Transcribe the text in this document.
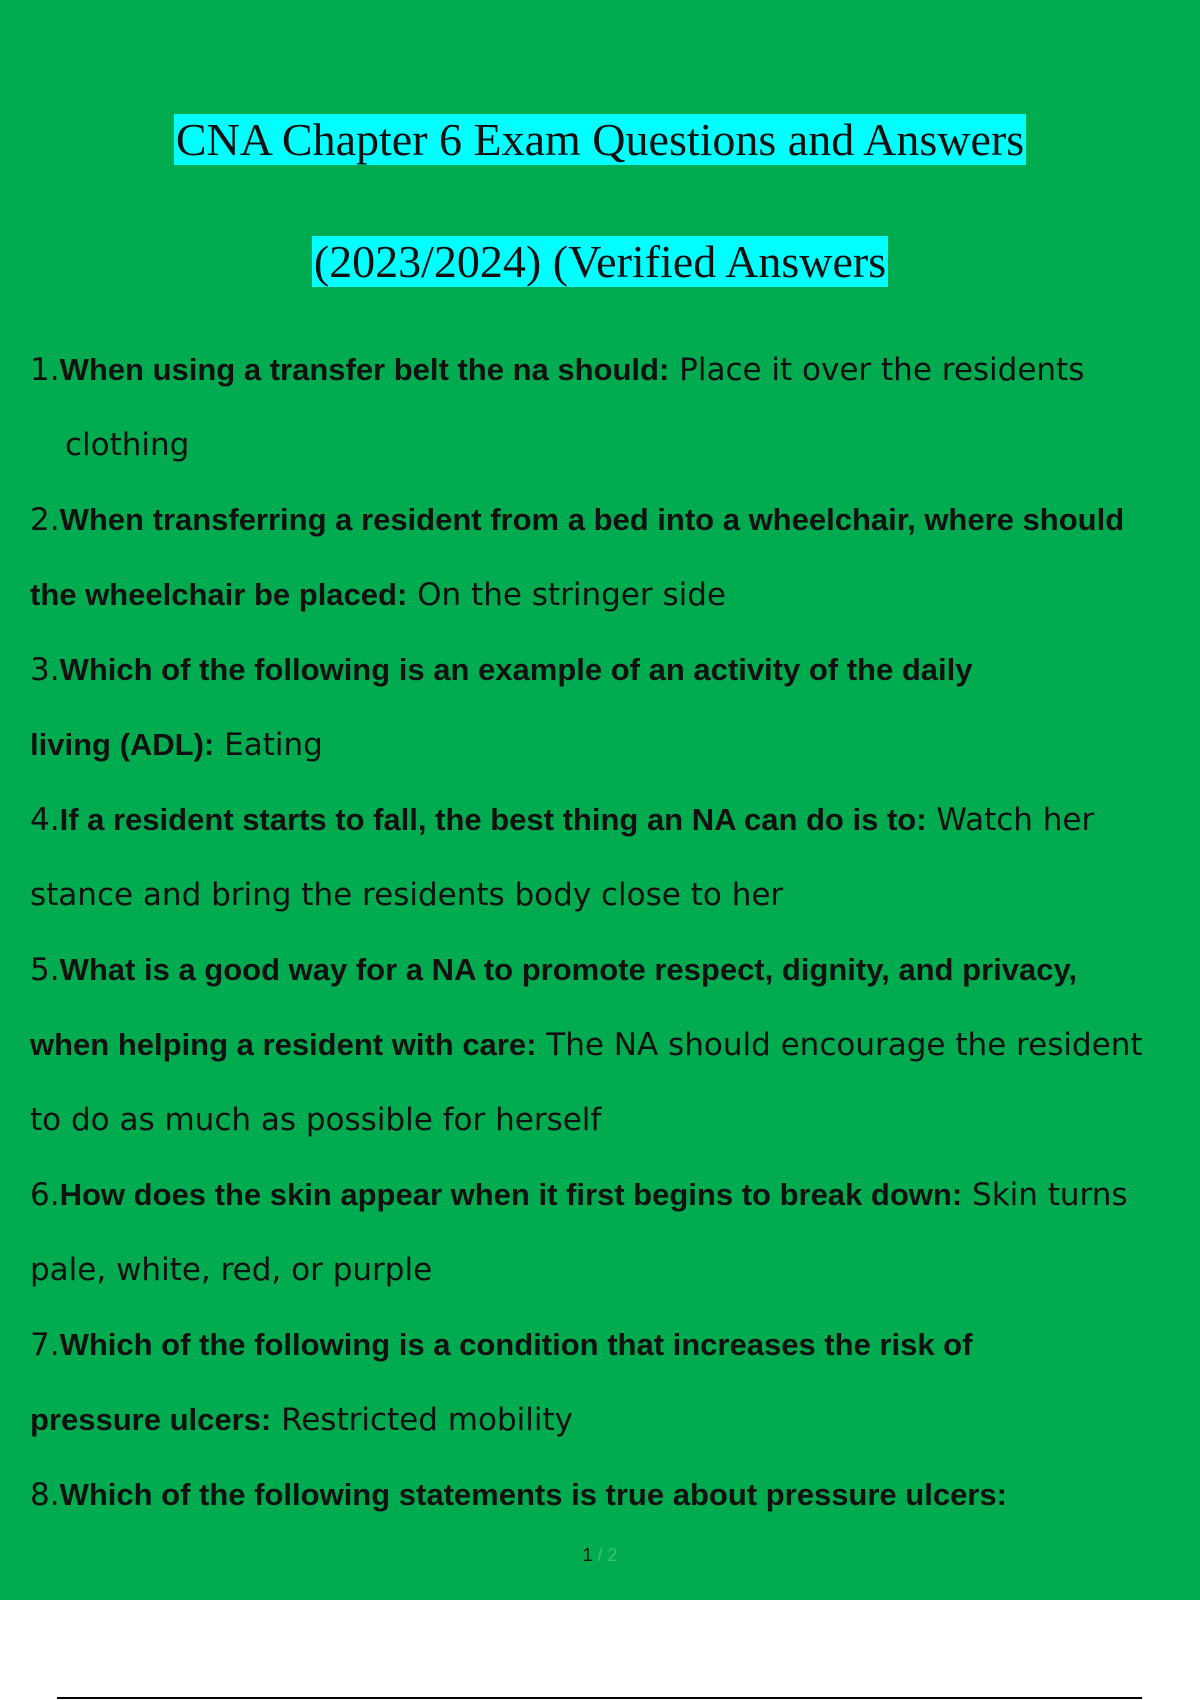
CNA Chapter 6 Exam Questions and Answers
(2023/2024) (Verified Answers
1.When using a transfer belt the na should: Place it over the residents
clothing
2.When transferring a resident from a bed into a wheelchair, where should
the wheelchair be placed: On the stringer side
3.Which of the following is an example of an activity of the daily
living (ADL): Eating
4.If a resident starts to fall, the best thing an NA can do is to: Watch her
stance and bring the residents body close to her
5.What is a good way for a NA to promote respect, dignity, and privacy,
when helping a resident with care: The NA should encourage the resident
to do as much as possible for herself
6.How does the skin appear when it first begins to break down: Skin turns
pale, white, red, or purple
7.Which of the following is a condition that increases the risk of
pressure ulcers: Restricted mobility
8.Which of the following statements is true about pressure ulcers:
1 / 2
